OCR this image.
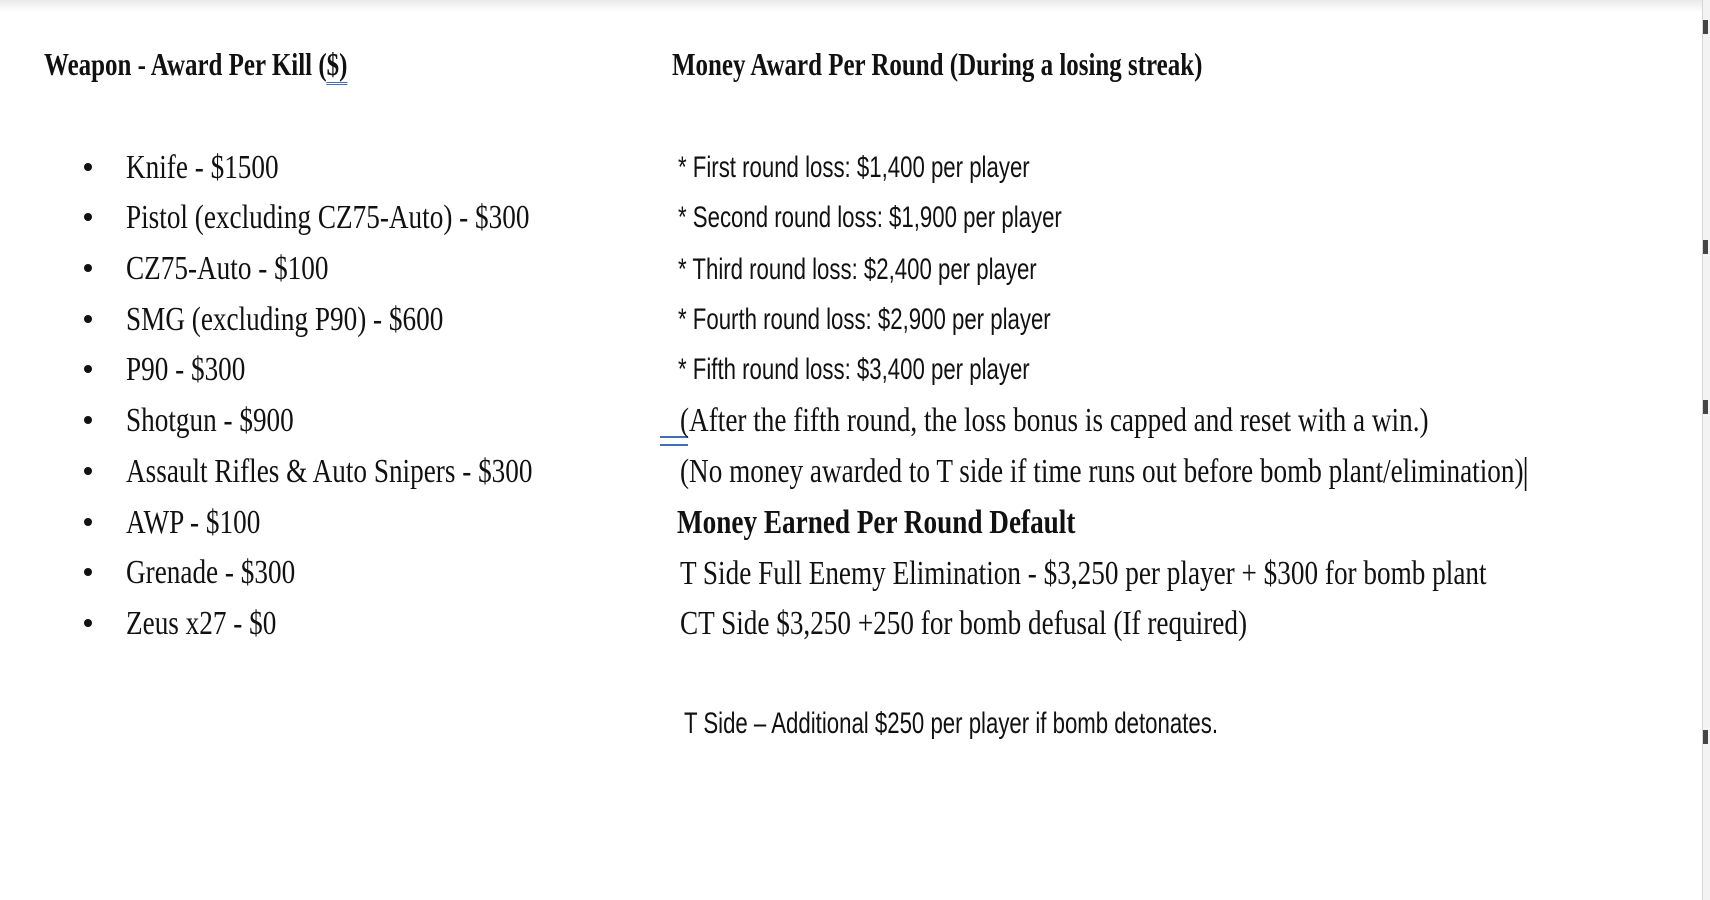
Weapon - Award Per Kill ($)
Knife - $1500
Pistol (excluding CZ75-Auto) - $300
CZ75-Auto - $100
SMG (excluding P90) - $600
P90 - $300
Shotgun - $900
Assault Rifles & Auto Snipers - $300
AWP - $100
Grenade - $300
Zeus x27 - $0
Money Award Per Round (During a losing streak)
* First round loss: $1,400 per player
* Second round loss: $1,900 per player
* Third round loss: $2,400 per player
* Fourth round loss: $2,900 per player
* Fifth round loss: $3,400 per player
(After the fifth round, the loss bonus is capped and reset with a win.)
(No money awarded to T side if time runs out before bomb plant/elimination)
Money Earned Per Round Default
T Side Full Enemy Elimination - $3,250 per player + $300 for bomb plant
CT Side $3,250 +250 for bomb defusal (If required)
T Side – Additional $250 per player if bomb detonates.
